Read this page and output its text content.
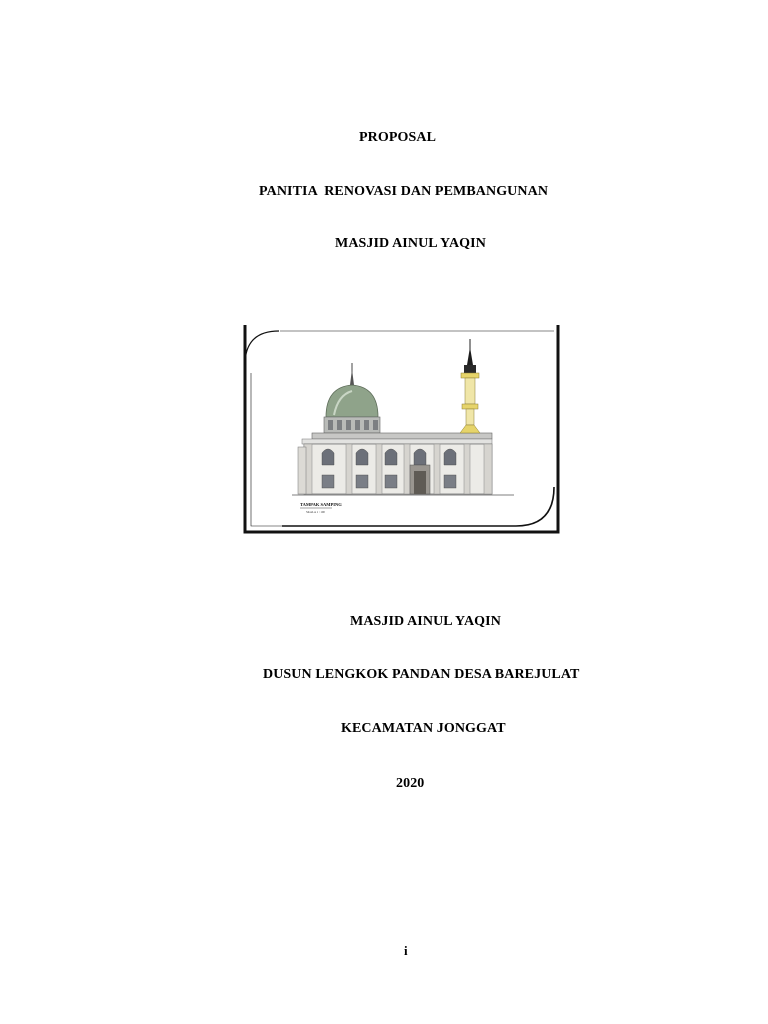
PROPOSAL

PANITIA  RENOVASI DAN PEMBANGUNAN

MASJID AINUL YAQIN

TAMPAK SAMPING
SKALA 1 : 100

MASJID AINUL YAQIN

DUSUN LENGKOK PANDAN DESA BAREJULAT

KECAMATAN JONGGAT

2020

i
